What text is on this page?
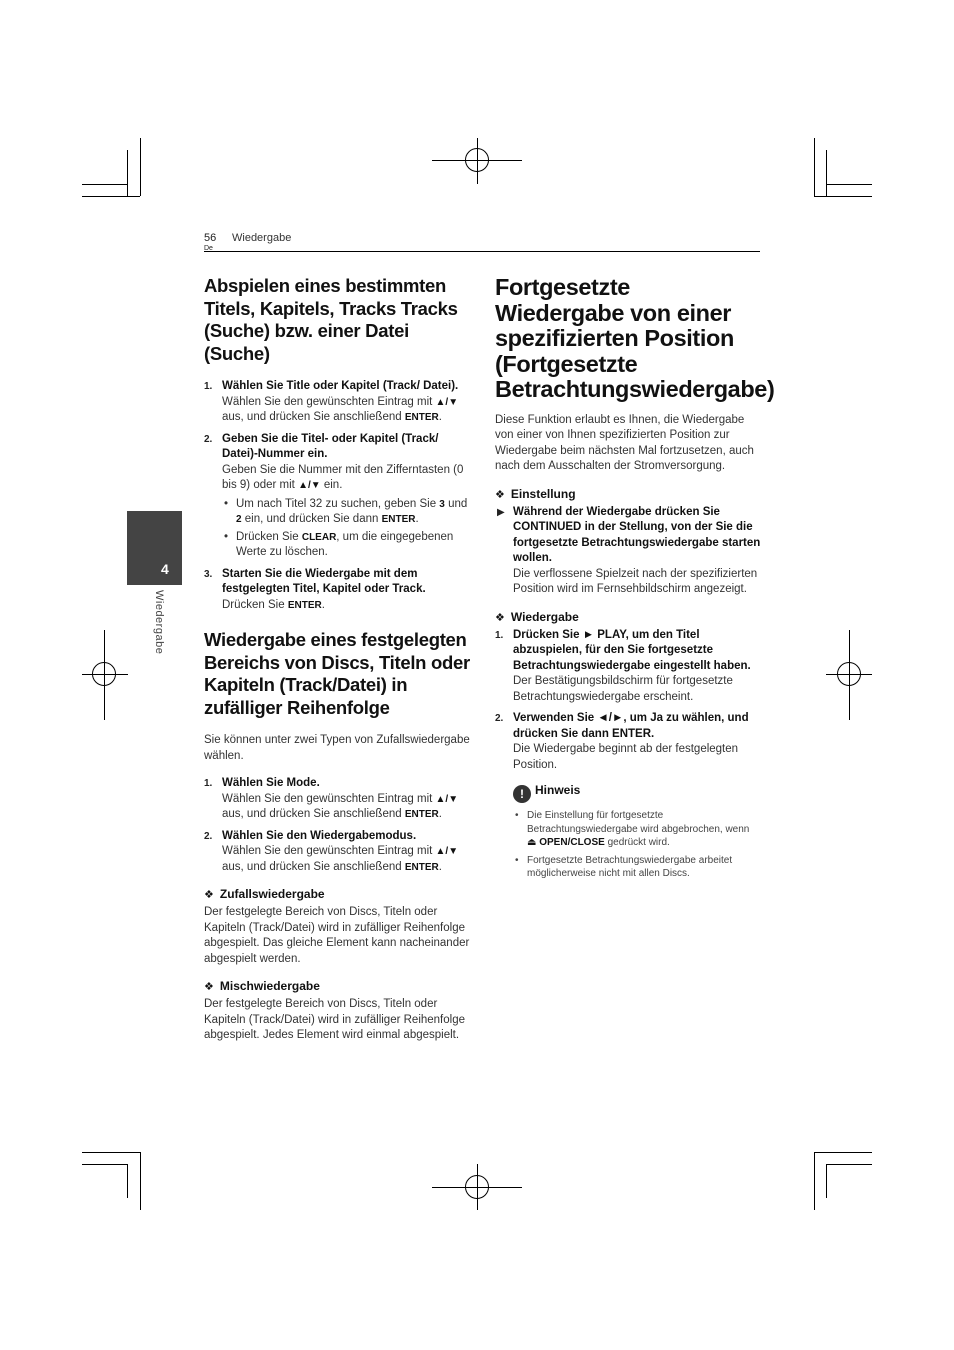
56
De
Wiedergabe
4
Wiedergabe
Abspielen eines bestimmten Titels, Kapitels, Tracks Tracks (Suche) bzw. einer Datei (Suche)
1. Wählen Sie Title oder Kapitel (Track/ Datei).
Wählen Sie den gewünschten Eintrag mit ▲/▼ aus, und drücken Sie anschließend ENTER.
2. Geben Sie die Titel- oder Kapitel (Track/ Datei)-Nummer ein.
Geben Sie die Nummer mit den Zifferntasten (0 bis 9) oder mit ▲/▼ ein.
• Um nach Titel 32 zu suchen, geben Sie 3 und 2 ein, und drücken Sie dann ENTER.
• Drücken Sie CLEAR, um die eingegebenen Werte zu löschen.
3. Starten Sie die Wiedergabe mit dem festgelegten Titel, Kapitel oder Track.
Drücken Sie ENTER.
Wiedergabe eines festgelegten Bereichs von Discs, Titeln oder Kapiteln (Track/Datei) in zufälliger Reihenfolge

Sie können unter zwei Typen von Zufallswiedergabe wählen.

1. Wählen Sie Mode.
Wählen Sie den gewünschten Eintrag mit ▲/▼ aus, und drücken Sie anschließend ENTER.
2. Wählen Sie den Wiedergabemodus.
Wählen Sie den gewünschten Eintrag mit ▲/▼ aus, und drücken Sie anschließend ENTER.
❖ Zufallswiedergabe

Der festgelegte Bereich von Discs, Titeln oder Kapiteln (Track/Datei) wird in zufälliger Reihenfolge abgespielt. Das gleiche Element kann nacheinander abgespielt werden.

❖ Mischwiedergabe

Der festgelegte Bereich von Discs, Titeln oder Kapiteln (Track/Datei) wird in zufälliger Reihenfolge abgespielt. Jedes Element wird einmal abgespielt.

Fortgesetzte Wiedergabe von einer spezifizierten Position (Fortgesetzte Betrachtungswiedergabe)

Diese Funktion erlaubt es Ihnen, die Wiedergabe von einer von Ihnen spezifizierten Position zur Wiedergabe beim nächsten Mal fortzusetzen, auch nach dem Ausschalten der Stromversorgung.

❖ Einstellung
▶ Während der Wiedergabe drücken Sie CONTINUED in der Stellung, von der Sie die fortgesetzte Betrachtungswiedergabe starten wollen.
Die verflossene Spielzeit nach der spezifizierten Position wird im Fernsehbildschirm angezeigt.
❖ Wiedergabe
1. Drücken Sie ► PLAY, um den Titel abzuspielen, für den Sie fortgesetzte Betrachtungswiedergabe eingestellt haben.
Der Bestätigungsbildschirm für fortgesetzte Betrachtungswiedergabe erscheint.
2. Verwenden Sie ◄/►, um Ja zu wählen, und drücken Sie dann ENTER.
Die Wiedergabe beginnt ab der festgelegten Position.
! Hinweis
• Die Einstellung für fortgesetzte Betrachtungswiedergabe wird abgebrochen, wenn ⏏ OPEN/CLOSE gedrückt wird.
• Fortgesetzte Betrachtungswiedergabe arbeitet möglicherweise nicht mit allen Discs.
